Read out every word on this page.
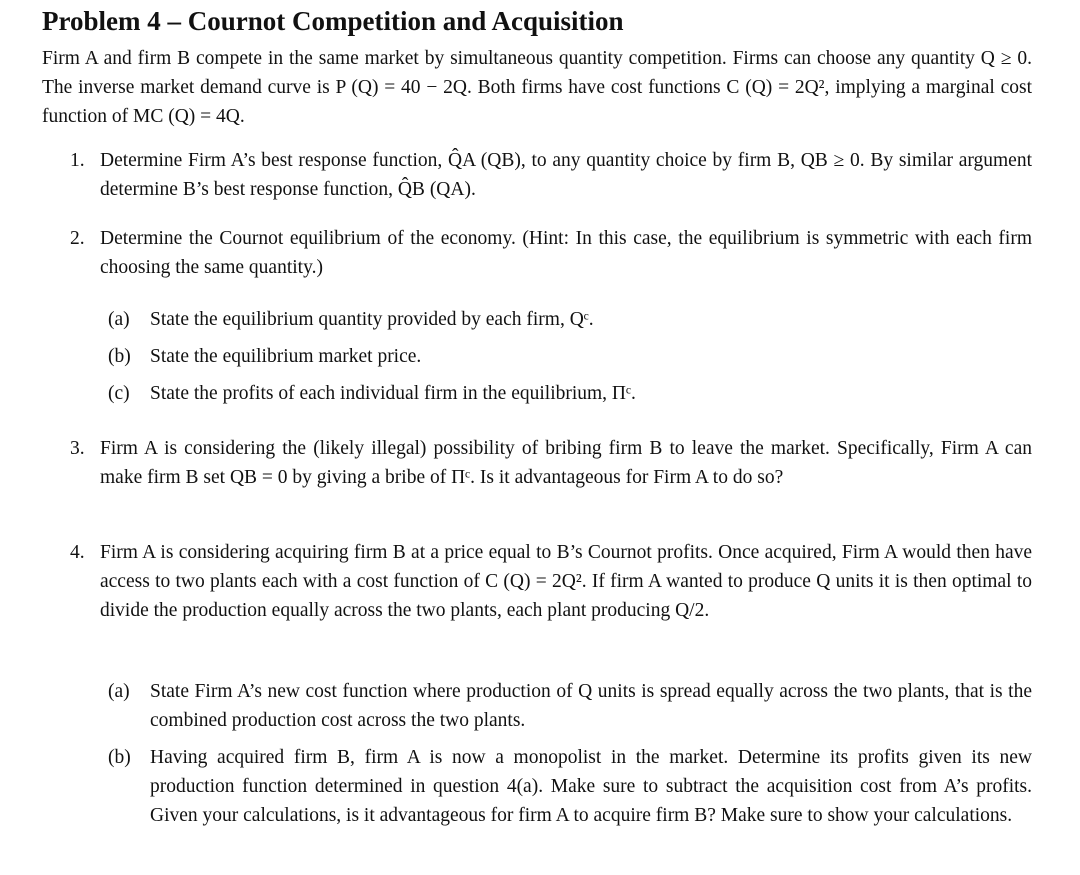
Problem 4 – Cournot Competition and Acquisition
Firm A and firm B compete in the same market by simultaneous quantity competition. Firms can choose any quantity Q ≥ 0. The inverse market demand curve is P (Q) = 40 − 2Q. Both firms have cost functions C (Q) = 2Q², implying a marginal cost function of MC (Q) = 4Q.
1. Determine Firm A’s best response function, Q̂A (QB), to any quantity choice by firm B, QB ≥ 0. By similar argument determine B’s best response function, Q̂B (QA).
2. Determine the Cournot equilibrium of the economy. (Hint: In this case, the equilibrium is symmetric with each firm choosing the same quantity.)
(a) State the equilibrium quantity provided by each firm, Qᶜ.
(b) State the equilibrium market price.
(c) State the profits of each individual firm in the equilibrium, Πᶜ.
3. Firm A is considering the (likely illegal) possibility of bribing firm B to leave the market. Specifically, Firm A can make firm B set QB = 0 by giving a bribe of Πᶜ. Is it advantageous for Firm A to do so?
4. Firm A is considering acquiring firm B at a price equal to B’s Cournot profits. Once acquired, Firm A would then have access to two plants each with a cost function of C (Q) = 2Q². If firm A wanted to produce Q units it is then optimal to divide the production equally across the two plants, each plant producing Q/2.
(a) State Firm A’s new cost function where production of Q units is spread equally across the two plants, that is the combined production cost across the two plants.
(b) Having acquired firm B, firm A is now a monopolist in the market. Determine its profits given its new production function determined in question 4(a). Make sure to subtract the acquisition cost from A’s profits. Given your calculations, is it advantageous for firm A to acquire firm B? Make sure to show your calculations.
